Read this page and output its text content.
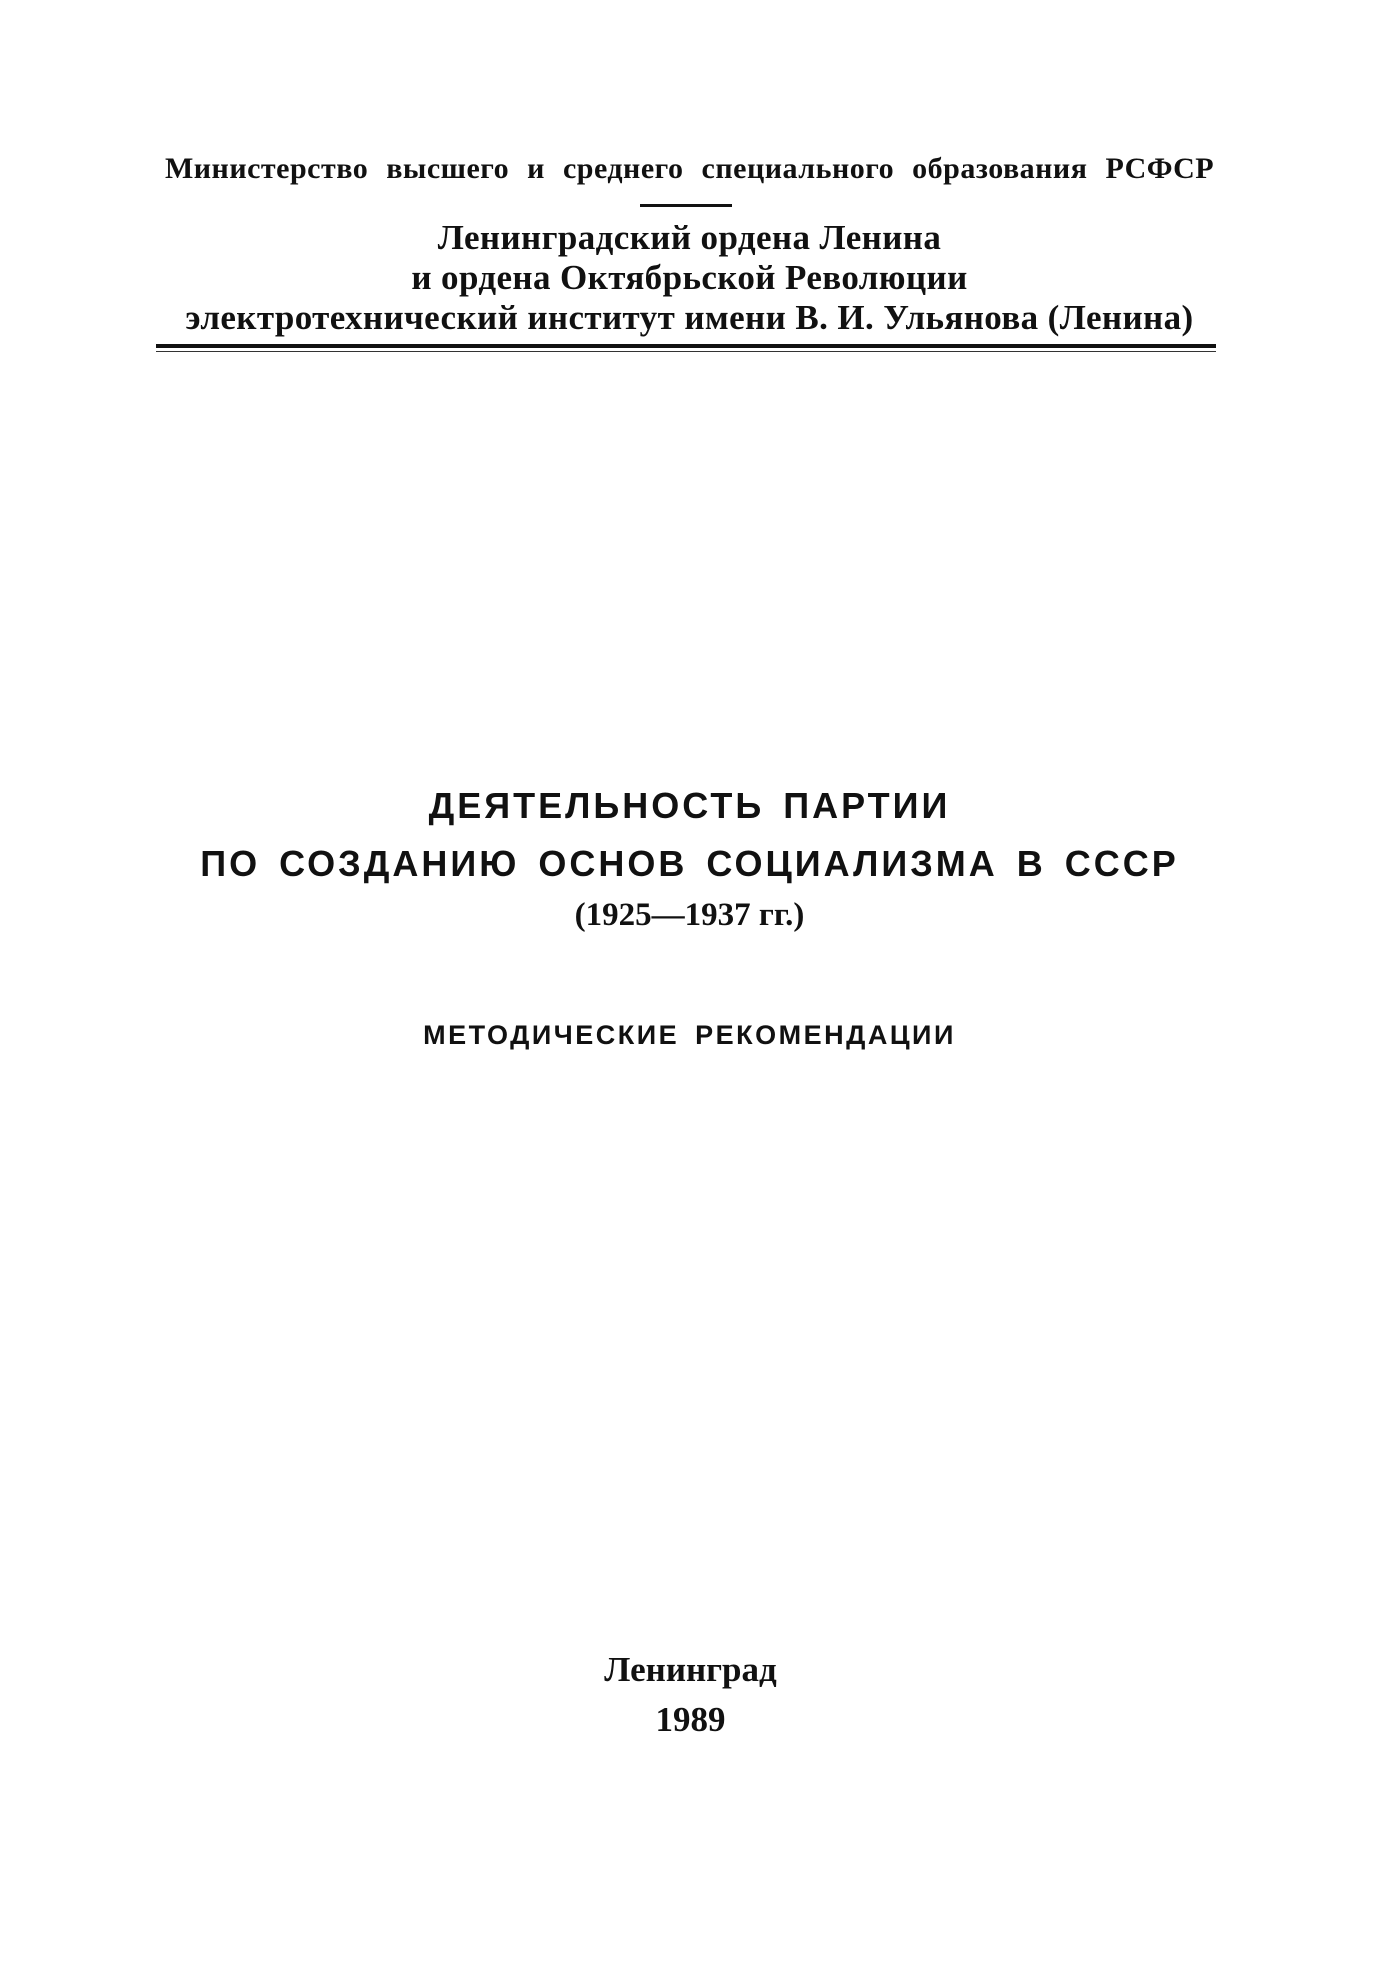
Министерство высшего и среднего специального образования РСФСР
Ленинградский ордена Ленина
и ордена Октябрьской Революции
электротехнический институт имени В. И. Ульянова (Ленина)
ДЕЯТЕЛЬНОСТЬ ПАРТИИ
ПО СОЗДАНИЮ ОСНОВ СОЦИАЛИЗМА В СССР
(1925—1937 гг.)
МЕТОДИЧЕСКИЕ РЕКОМЕНДАЦИИ
Ленинград
1989
